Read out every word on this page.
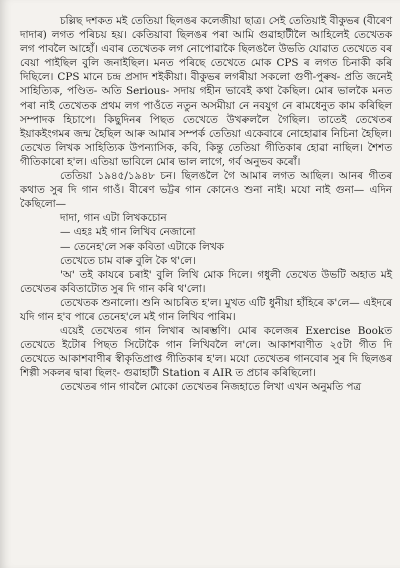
চল্লিছ দশকত মই তেতিয়া ছিলঙৰ কলেজীয়া ছাত্ৰ। সেই তেতিয়াই বীকুভৰ (বীৰেণ দাদাৰ) লগত পৰিচয় হয়। কেতিয়াবা ছিলঙৰ পৰা আমি গুৱাহাটীলৈ আহিলেই তেখেতক লগ পাবলৈ আহোঁ। এবাৰ তেখেতক লগ নোপোৱাকৈ ছিলঙলৈ উভতি যোৱাত তেখেতে বৰ বেয়া পাইছিল বুলি জনাইছিল। মনত পৰিছে তেখেতে মোক CPS ৰ লগত চিনাকী কৰি দিছিলে। CPS মানে চন্দ্ৰ প্ৰসাদ শইকীয়া। বীকুভৰ লগৰীয়া সকলো গুণী-পুৰুষ- প্ৰতি জনেই সাহিত্যিক, পণ্ডিত- অতি Serious- সদায় গহীন ভাবেই কথা কৈছিল। মোৰ ভালকৈ মনত পৰা নাই তেখেতক প্ৰথম লগ পাওঁতে নতুন অসমীয়া নে নবযুগ নে ৰামধেনুত কাম কৰিছিল সম্পাদক হিচাপে। কিছুদিনৰ পিছত তেখেতে উখৰুললৈ গৈছিল। তাতেই তেখেতৰ ইয়াকইংগমৰ জন্ম হৈছিল আৰু আমাৰ সম্পৰ্ক তেতিয়া একেবাৰে নোহোৱাৰ নিচিনা হৈছিল। তেখেত লিখক সাহিত্যিক উপন্যাসিক, কবি, কিন্তু তেতিয়া গীতিকাৰ হোৱা নাছিল। শৈশত গীতিকাৰো হ'ল। এতিয়া ভাবিলে মোৰ ভাল লাগে, গৰ্ব অনুভব কৰোঁ।

তেতিয়া ১৯৪৫/১৯৪৮ চন। ছিলঙলৈ গৈ আমাৰ লগত আছিল। আনৰ গীতৰ কথাত সুৰ দি গান গাওঁ। বীৰেণ ভট্টৰ গান কোনেও শুনা নাই। মযো নাই গুনা— এদিন কৈছিলো—

দাদা, গান এটা লিখকচোন

— এহঃ মই গান লিখিব নেজানো

— তেনেহ'লে সৰু কবিতা এটাকে লিখক

তেখেতে চাম বাৰু বুলি কৈ থ'লে।

'অ' তই কাযৰে চৰাই' বুলি লিখি মোক দিলে। গধুলী তেখেত উভটি অহাত মই তেখেতৰ কবিতাটোত সুৰ দি গান কৰি থ'লো।

তেখেতক শুনালো। শুনি আচৰিত হ'ল। মুখত এটি ধুনীয়া হাঁহিৰে ক'লে— এইদৰে যদি গান হ'ব পাৰে তেনেহ'লে মই গান লিখিব পাৰিম।

এয়েই তেখেতৰ গান লিখাৰ আৰম্ভণি। মোৰ কলেজৰ Exercise Bookত তেখেতে ইটোৰ পিছত সিটোকৈ গান লিখিবলৈ ল'লে। আকাশবাণীত ২৫টা গীত দি তেখেতে আকাশবাণীৰ স্বীকৃতিপ্ৰাপ্ত গীতিকাৰ হ'ল। মযো তেখেতৰ গানবোৰ সুৰ দি ছিলঙৰ শিল্পী সকলৰ দ্বাৰা ছিলং- গুৱাহাটী Station ৰ AIR ত প্ৰচাৰ কৰিছিলো।

তেখেতৰ গান গাবলৈ মোকো তেখেতৰ নিজহাতে লিখা এখন অনুমতি পত্ৰ
